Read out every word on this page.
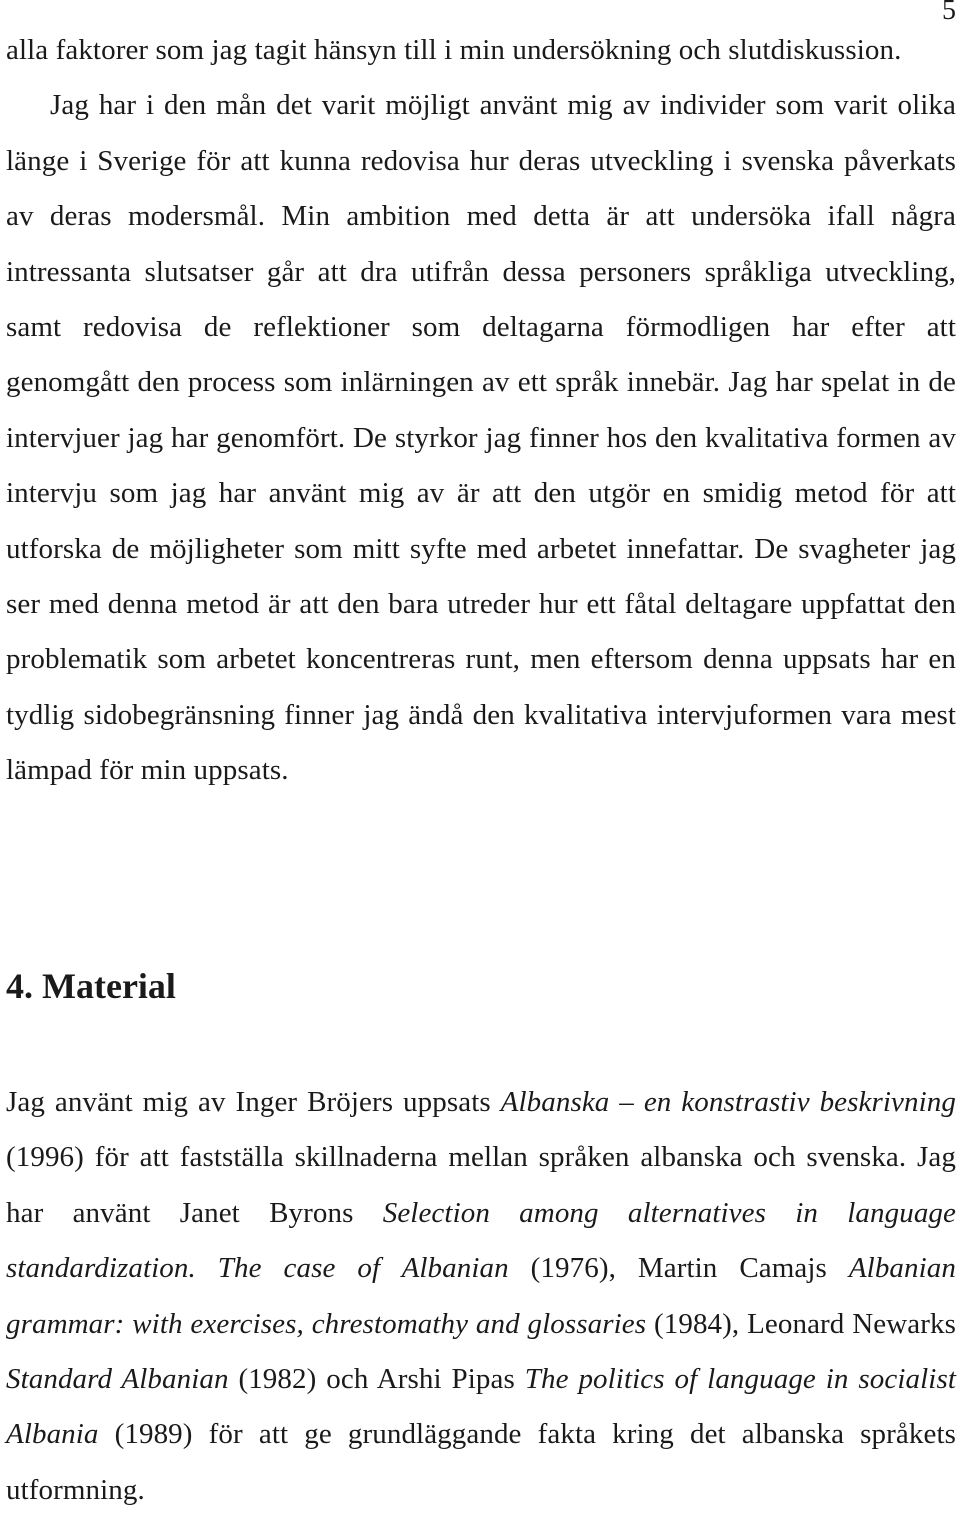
5

alla faktorer som jag tagit hänsyn till i min undersökning och slutdiskussion.

Jag har i den mån det varit möjligt använt mig av individer som varit olika länge i Sverige för att kunna redovisa hur deras utveckling i svenska påverkats av deras modersmål. Min ambition med detta är att undersöka ifall några intressanta slutsatser går att dra utifrån dessa personers språkliga utveckling, samt redovisa de reflektioner som deltagarna förmodligen har efter att genomgått den process som inlärningen av ett språk innebär. Jag har spelat in de intervjuer jag har genomfört. De styrkor jag finner hos den kvalitativa formen av intervju som jag har använt mig av är att den utgör en smidig metod för att utforska de möjligheter som mitt syfte med arbetet innefattar. De svagheter jag ser med denna metod är att den bara utreder hur ett fåtal deltagare uppfattat den problematik som arbetet koncentreras runt, men eftersom denna uppsats har en tydlig sidobegränsning finner jag ändå den kvalitativa intervjuformen vara mest lämpad för min uppsats.

4. Material

Jag använt mig av Inger Bröjers uppsats Albanska – en konstrastiv beskrivning (1996) för att fastställa skillnaderna mellan språken albanska och svenska. Jag har använt Janet Byrons Selection among alternatives in language standardization. The case of Albanian (1976), Martin Camajs Albanian grammar: with exercises, chrestomathy and glossaries (1984), Leonard Newarks Standard Albanian (1982) och Arshi Pipas The politics of language in socialist Albania (1989) för att ge grundläggande fakta kring det albanska språkets utformning.
